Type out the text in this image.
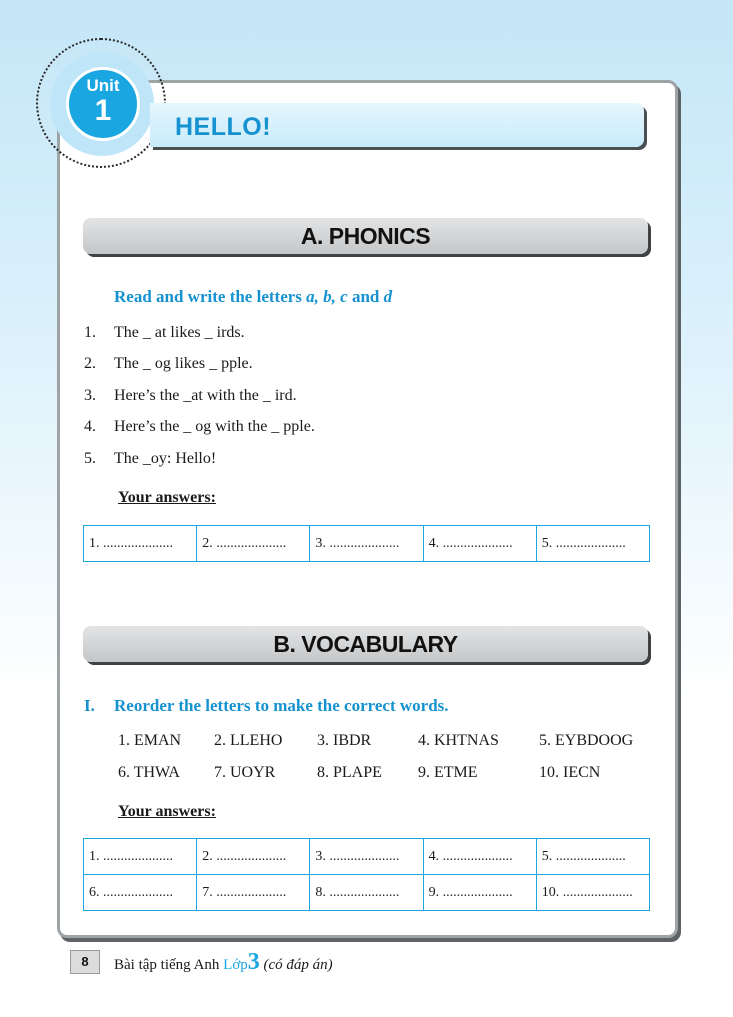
Unit
1	HELLO!
A. PHONICS
Read and write the letters a, b, c and d
1. The _ at likes _ irds.
2. The _ og likes _ pple.
3. Here’s the _at with the _ ird.
4. Here’s the _ og with the _ pple.
5. The _oy: Hello!
Your answers:
1. ....................	2. ....................	3. ....................	4. ....................	5. ....................
B. VOCABULARY
I. Reorder the letters to make the correct words.
1. EMAN 2. LLEHO 3. IBDR	4. KHTNAS	5. EYBDOOG
6. THWA 7. UOYR	8. PLAPE 9. ETME	10. IECN
Your answers:
1. ....................	2. ....................	3. ....................	4. ....................	5. ....................
6. ....................	7. ....................	8. ....................	9. ....................	10. ....................
8	Bài tập tiếng Anh Lớp3 (có đáp án)
